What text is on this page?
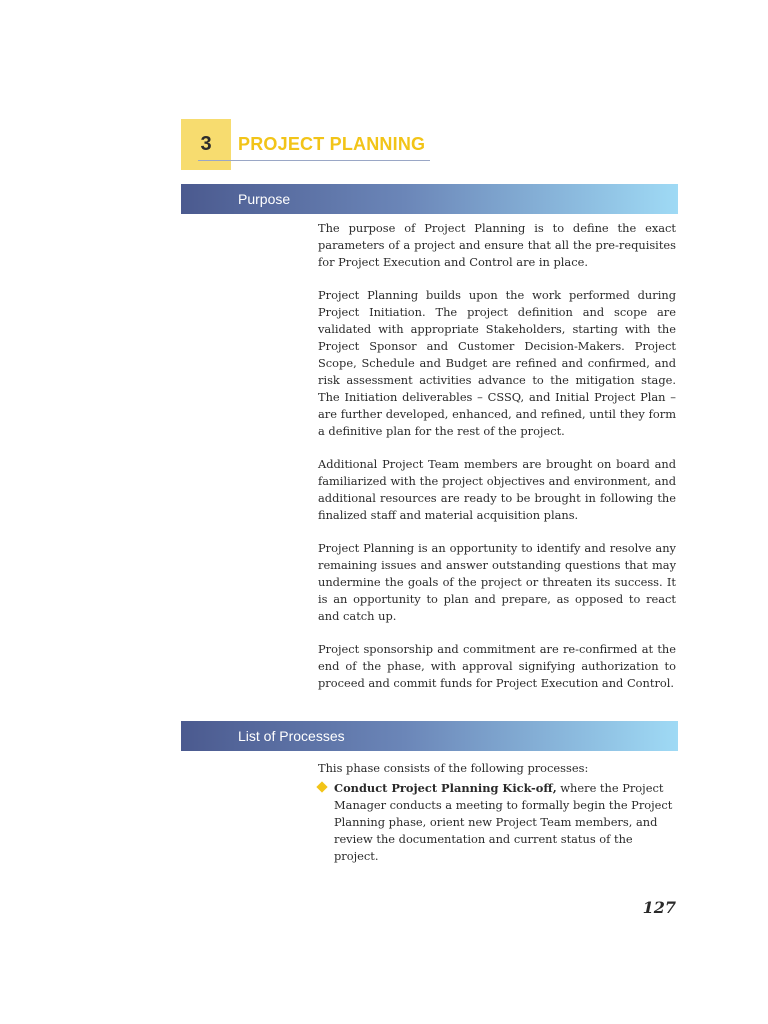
3 PROJECT PLANNING
Purpose

The purpose of Project Planning is to define the exact parameters of a project and ensure that all the pre-requisites for Project Execution and Control are in place.

Project Planning builds upon the work performed during Project Initiation. The project definition and scope are validated with appropriate Stakeholders, starting with the Project Sponsor and Customer Decision-Makers. Project Scope, Schedule and Budget are refined and confirmed, and risk assessment activities advance to the mitigation stage. The Initiation deliverables – CSSQ, and Initial Project Plan – are further developed, enhanced, and refined, until they form a definitive plan for the rest of the project.

Additional Project Team members are brought on board and familiarized with the project objectives and environment, and additional resources are ready to be brought in following the finalized staff and material acquisition plans.

Project Planning is an opportunity to identify and resolve any remaining issues and answer outstanding questions that may undermine the goals of the project or threaten its success. It is an opportunity to plan and prepare, as opposed to react and catch up.

Project sponsorship and commitment are re-confirmed at the end of the phase, with approval signifying authorization to proceed and commit funds for Project Execution and Control.

List of Processes
This phase consists of the following processes:
Conduct Project Planning Kick-off, where the Project Manager conducts a meeting to formally begin the Project Planning phase, orient new Project Team members, and review the documentation and current status of the project.
127
